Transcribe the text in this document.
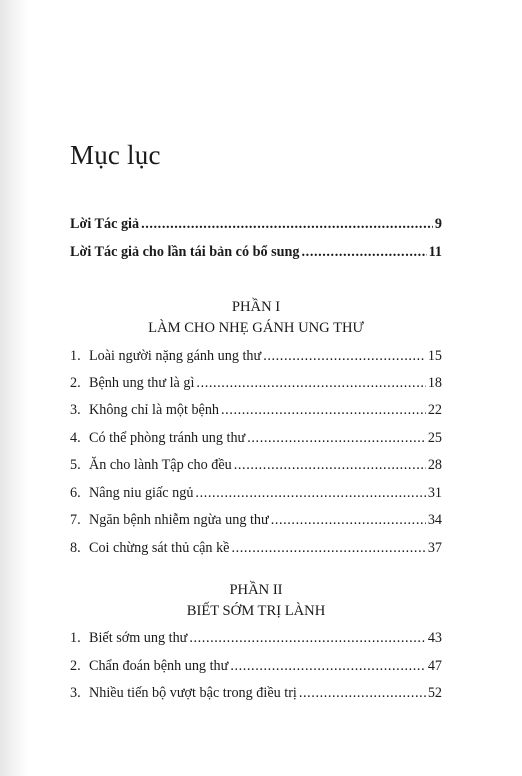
Mục lục
Lời Tác giả .....	9
Lời Tác giả cho lần tái bản có bổ sung .....	11
PHẦN I
LÀM CHO NHẸ GÁNH UNG THƯ
1. Loài người nặng gánh ung thư .....	15
2. Bệnh ung thư là gì .....	18
3. Không chỉ là một bệnh .....	22
4. Có thể phòng tránh ung thư .....	25
5. Ăn cho lành Tập cho đều .....	28
6. Nâng niu giấc ngủ .....	31
7. Ngăn bệnh nhiễm ngừa ung thư .....	34
8. Coi chừng sát thủ cận kề .....	37
PHẦN II
BIẾT SỚM TRỊ LÀNH
1. Biết sớm ung thư .....	43
2. Chẩn đoán bệnh ung thư .....	47
3. Nhiều tiến bộ vượt bậc trong điều trị .....	52
